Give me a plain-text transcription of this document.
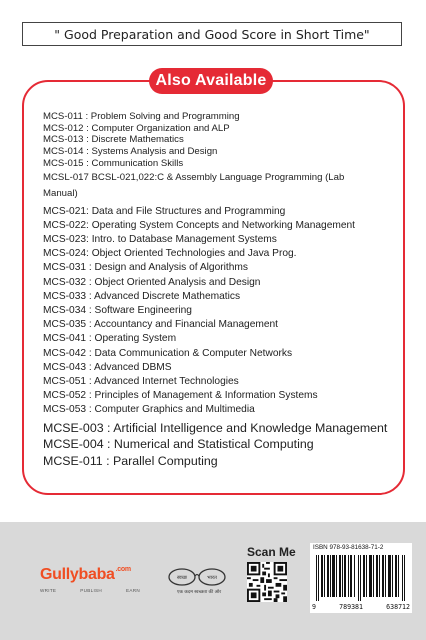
" Good Preparation and Good Score in Short Time"
Also Available
MCS-011 : Problem Solving and Programming
MCS-012 : Computer Organization and ALP
MCS-013 : Discrete Mathematics
MCS-014 : Systems Analysis and Design
MCS-015 : Communication Skills
MCSL-017 BCSL-021,022:C & Assembly Language Programming (Lab Manual)
MCS-021: Data and File Structures and Programming
MCS-022: Operating System Concepts and Networking Management
MCS-023: Intro. to Database Management Systems
MCS-024: Object Oriented Technologies and Java Prog.
MCS-031 : Design and Analysis of Algorithms
MCS-032 : Object Oriented Analysis and Design
MCS-033 : Advanced Discrete Mathematics
MCS-034 : Software Engineering
MCS-035 : Accountancy and Financial Management
MCS-041 : Operating System
MCS-042 : Data Communication & Computer Networks
MCS-043 : Advanced DBMS
MCS-051 : Advanced Internet Technologies
MCS-052 : Principles of Management & Information Systems
MCS-053 : Computer Graphics and Multimedia
MCSE-003 : Artificial Intelligence and Knowledge Management
MCSE-004 : Numerical and Statistical Computing
MCSE-011 : Parallel Computing
Gullybaba$^{.com}$
WRITE	PUBLISH	EARN
स्वच्छ	भारत
एक कदम स्वच्छता की ओर
Scan Me	ISBN 978-93-81638-71-2
9	789381	638712
